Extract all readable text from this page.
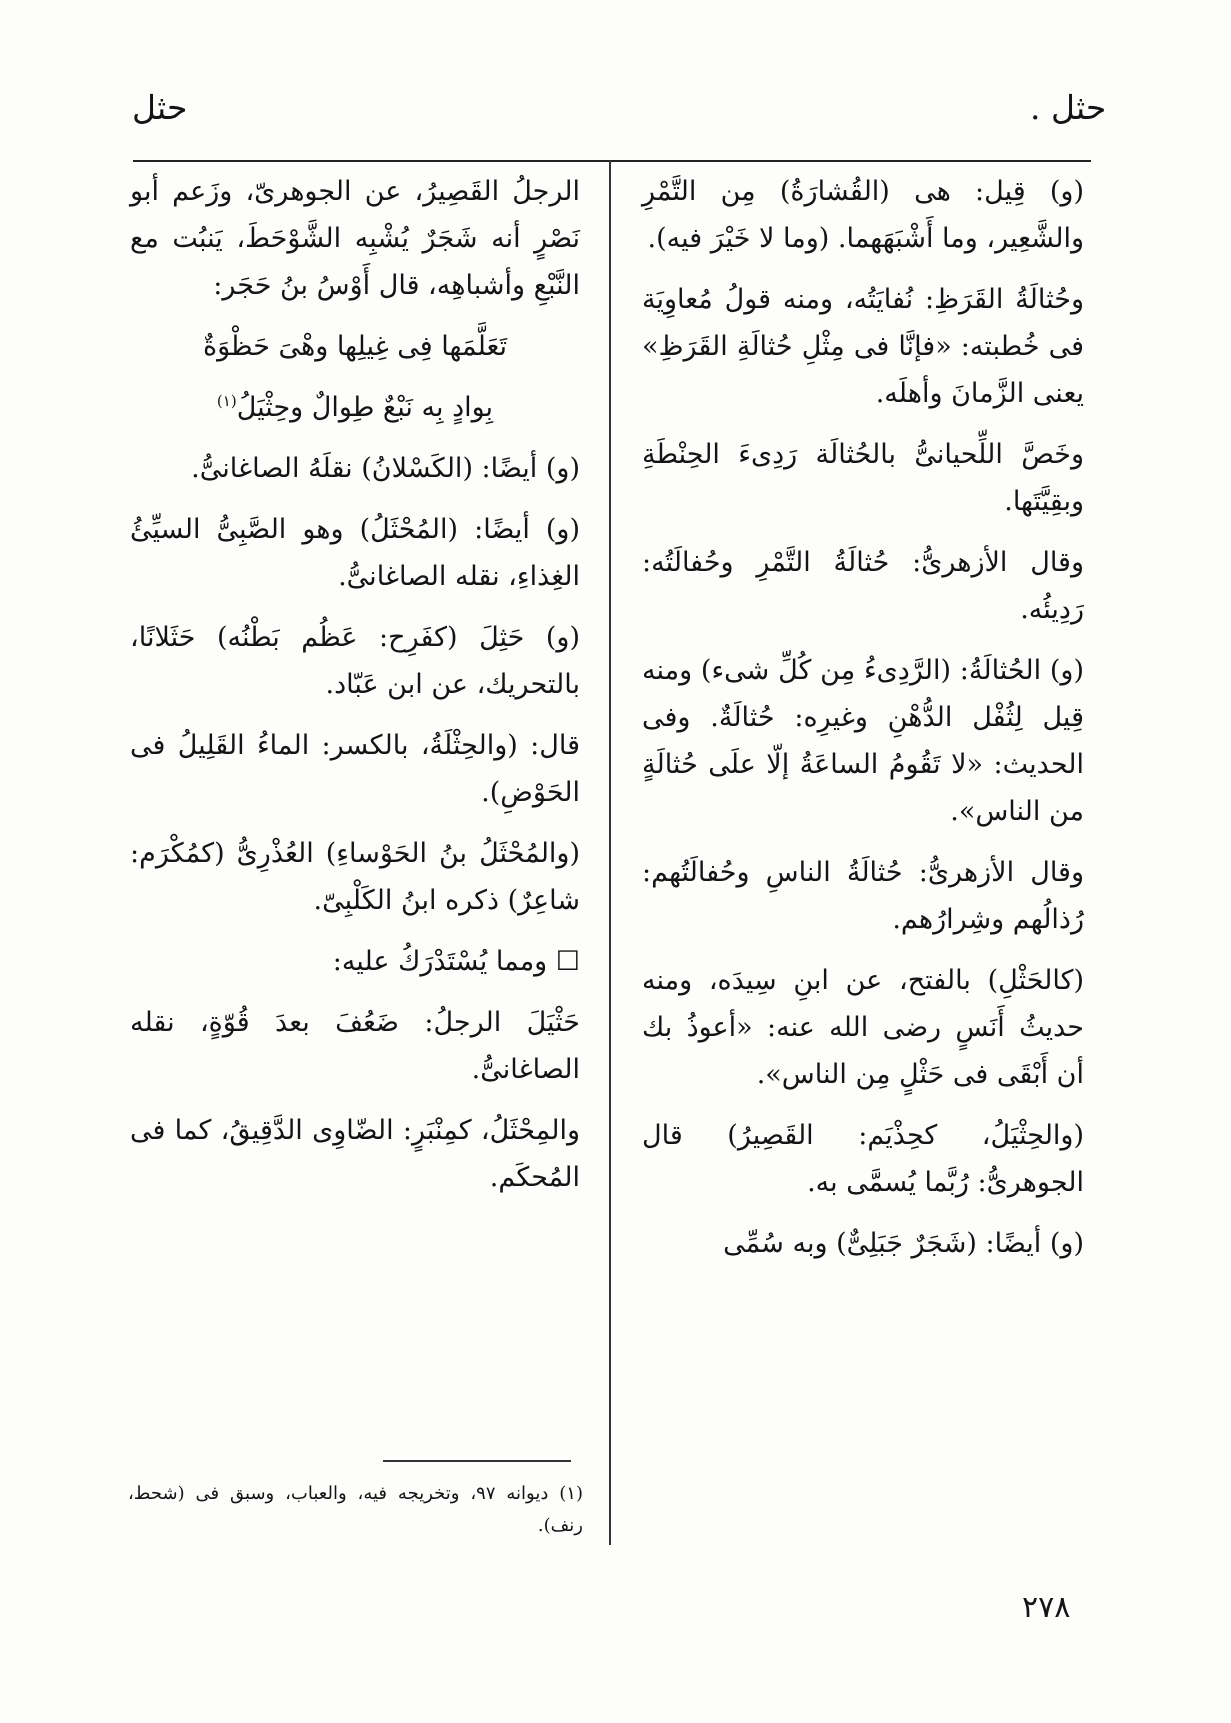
حثل	حثل .

(و) قِيل: هى (القُشارَةُ) مِن التَّمْرِ والشَّعِير، وما أَشْبَهَهما. (وما لا خَيْرَ فيه).

وحُثالَةُ القَرَظِ: نُفايَتُه، ومنه قولُ مُعاوِيَة فى خُطبته: «فإنَّا فى مِثْلِ حُثالَةِ القَرَظِ» يعنى الزَّمانَ وأهلَه.

وخَصَّ اللِّحيانىُّ بالحُثالَة رَدِىءَ الحِنْطَةِ وبقِيَّتَها.

وقال الأزهرىُّ: حُثالَةُ التَّمْرِ وحُفالَتُه: رَدِيئُه.

(و) الحُثالَةُ: (الرَّدِىءُ مِن كُلِّ شىء) ومنه قِيل لِثُفْل الدُّهْنِ وغيرِه: حُثالَةٌ. وفى الحديث: «لا تَقُومُ الساعَةُ إلّا علَى حُثالَةٍ من الناس».

وقال الأزهرىُّ: حُثالَةُ الناسِ وحُفالَتُهم: رُذالُهم وشِرارُهم.

(كالحَثْلِ) بالفتح، عن ابنِ سِيدَه، ومنه حديثُ أَنَسٍ رضى الله عنه: «أعوذُ بك أن أَبْقَى فى حَثْلٍ مِن الناس».

(والحِثْيَلُ، كحِذْيَم: القَصِيرُ) قال الجوهرىُّ: رُبَّما يُسمَّى به.

(و) أيضًا: (شَجَرٌ جَبَلِىٌّ) وبه سُمِّى

الرجلُ القَصِيرُ، عن الجوهرىّ، وزَعم أبو نَصْرٍ أنه شَجَرٌ يُشْبِه الشَّوْحَطَ، يَنبُت مع النَّبْعِ وأشباهِه، قال أَوْسُ بنُ حَجَر:

تَعَلَّمَها فِى غِيلِها وهْىَ حَظْوَةٌ

بِوادٍ بِه نَبْعٌ طِوالٌ وحِثْيَلُ$^{(١)}$

(و) أيضًا: (الكَسْلانُ) نقلَهُ الصاغانىُّ.

(و) أيضًا: (المُحْثَلُ) وهو الصَّبِىُّ السيِّئُ الغِذاءِ، نقله الصاغانىُّ.

(و) حَثِلَ (كفَرِح: عَظُم بَطْنُه) حَثَلانًا، بالتحريك، عن ابن عَبّاد.

قال: (والحِثْلَةُ، بالكسر: الماءُ القَلِيلُ فى الحَوْضِ).

(والمُحْثَلُ بنُ الحَوْساءِ) العُذْرِىُّ (كمُكْرَم: شاعِرٌ) ذكره ابنُ الكَلْبِىّ.

☐ ومما يُسْتَدْرَكُ عليه:

حَثْيَلَ الرجلُ: ضَعُفَ بعدَ قُوّةٍ، نقله الصاغانىُّ.

والمِحْثَلُ، كمِنْبَرٍ: الضّاوِى الدَّقِيقُ، كما فى المُحكَم.

(١) ديوانه ٩٧، وتخريجه فيه، والعباب، وسبق فى (شحط، رنف).
٢٧٨
